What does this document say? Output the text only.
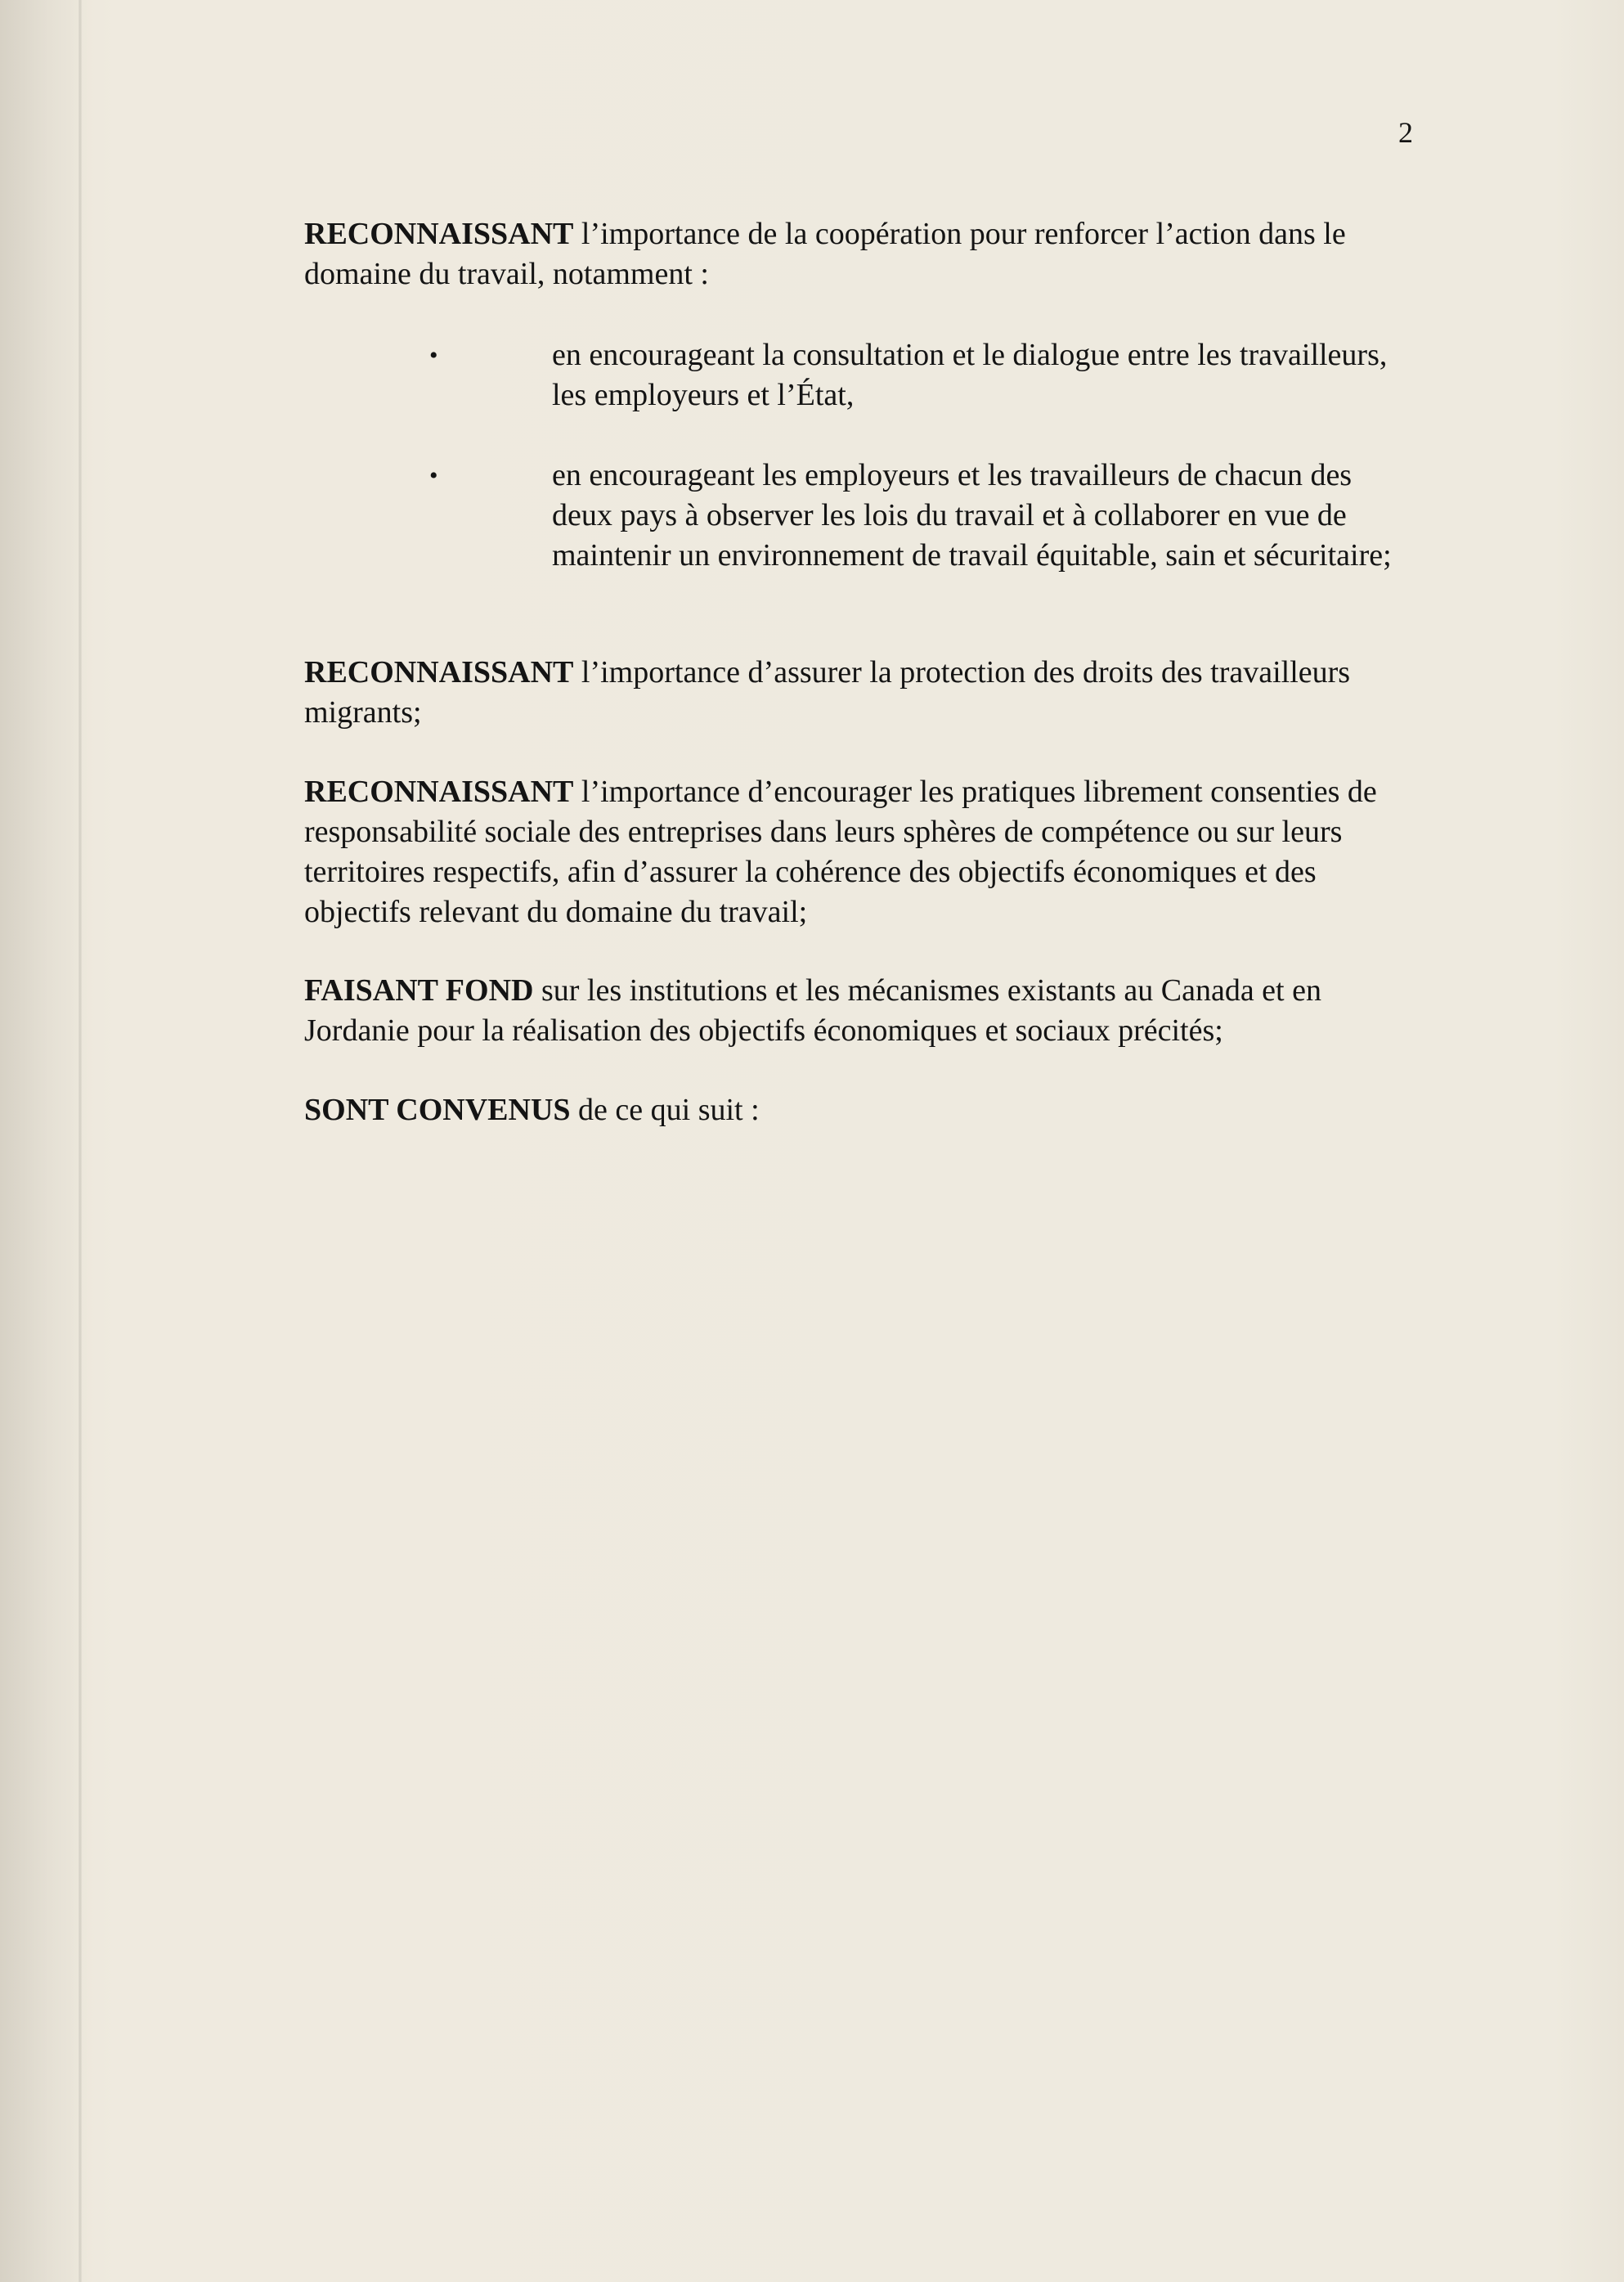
2

RECONNAISSANT l’importance de la coopération pour renforcer l’action dans le domaine du travail, notamment :

•	en encourageant la consultation et le dialogue entre les travailleurs, les employeurs et l’État,

•	en encourageant les employeurs et les travailleurs de chacun des deux pays à observer les lois du travail et à collaborer en vue de maintenir un environnement de travail équitable, sain et sécuritaire;

RECONNAISSANT l’importance d’assurer la protection des droits des travailleurs migrants;

RECONNAISSANT l’importance d’encourager les pratiques librement consenties de responsabilité sociale des entreprises dans leurs sphères de compétence ou sur leurs territoires respectifs, afin d’assurer la cohérence des objectifs économiques et des objectifs relevant du domaine du travail;

FAISANT FOND sur les institutions et les mécanismes existants au Canada et en Jordanie pour la réalisation des objectifs économiques et sociaux précités;

SONT CONVENUS de ce qui suit :
